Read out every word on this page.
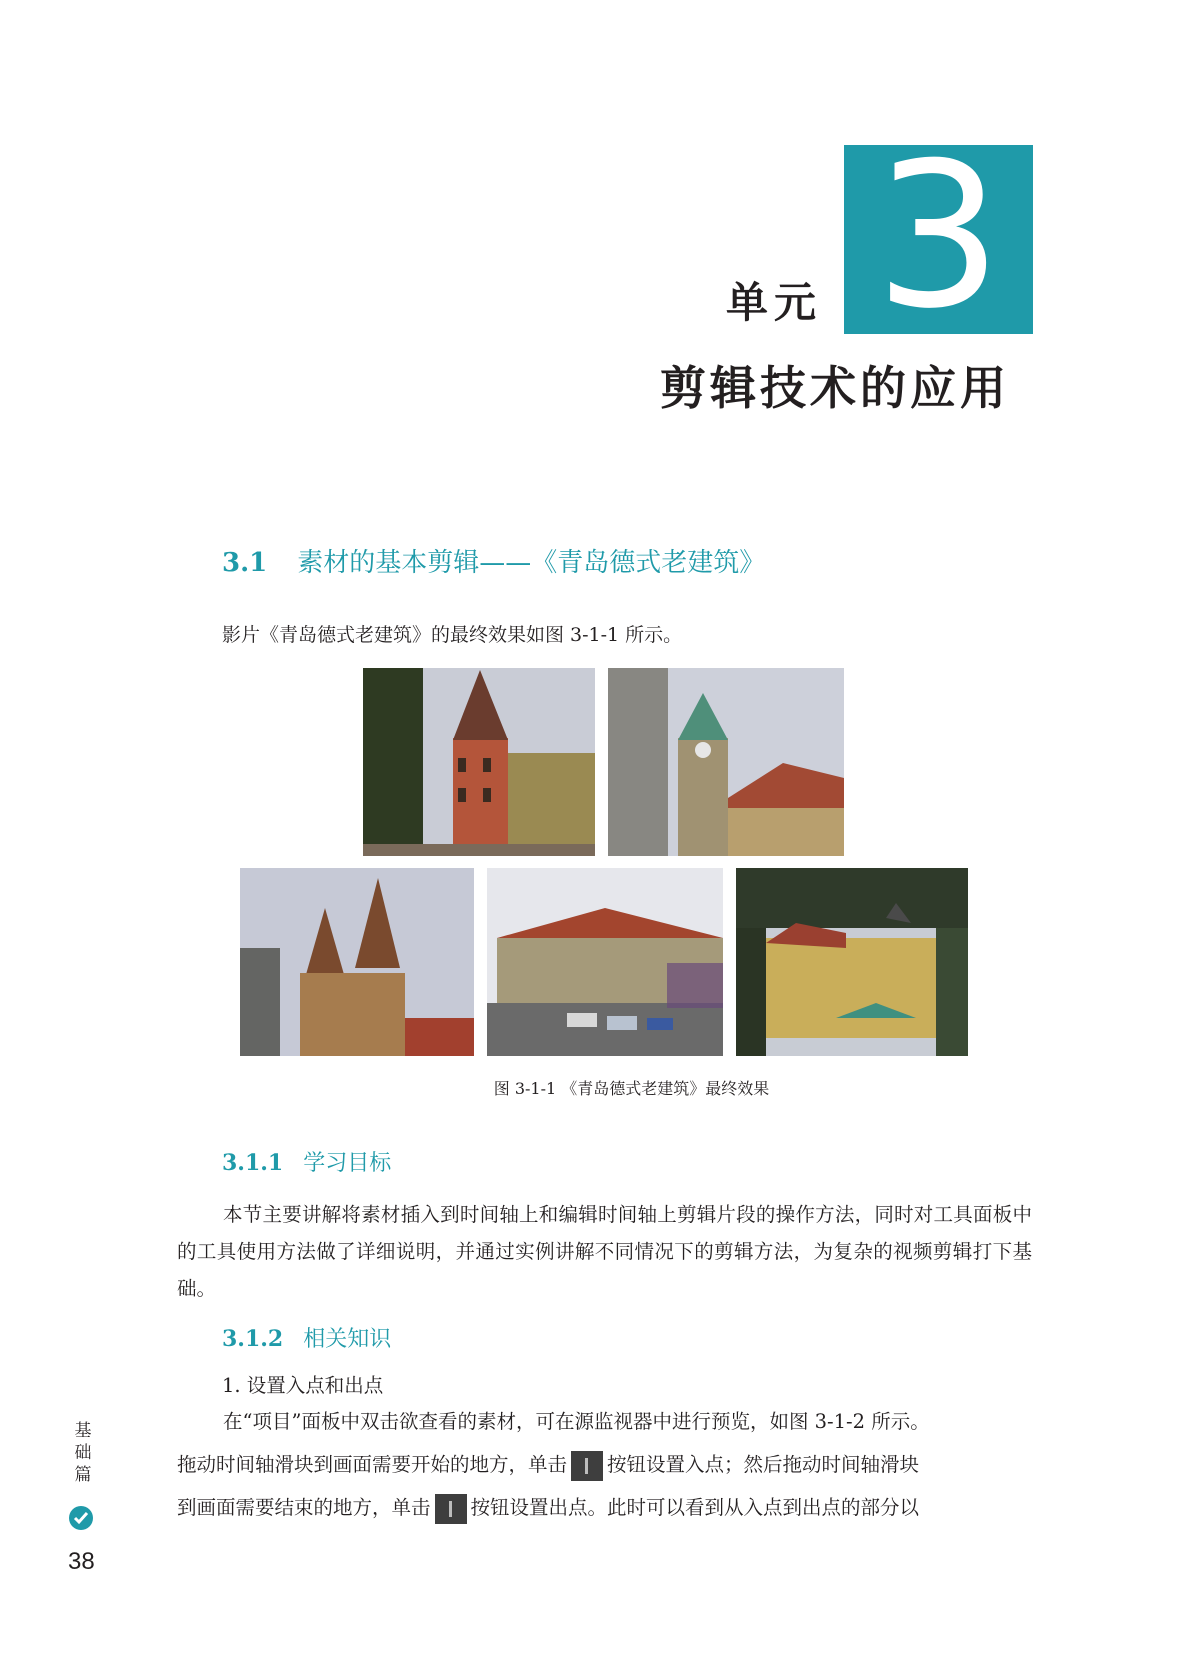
3
单元
剪辑技术的应用
3.1 素材的基本剪辑——《青岛德式老建筑》
影片《青岛德式老建筑》的最终效果如图 3-1-1 所示。
图 3-1-1 《青岛德式老建筑》最终效果
3.1.1 学习目标

本节主要讲解将素材插入到时间轴上和编辑时间轴上剪辑片段的操作方法，同时对工具面板中的工具使用方法做了详细说明，并通过实例讲解不同情况下的剪辑方法，为复杂的视频剪辑打下基础。

3.1.2 相关知识
1. 设置入点和出点

在“项目”面板中双击欲查看的素材，可在源监视器中进行预览，如图 3-1-2 所示。

拖动时间轴滑块到画面需要开始的地方，单击 按钮设置入点；然后拖动时间轴滑块

到画面需要结束的地方，单击 按钮设置出点。此时可以看到从入点到出点的部分以

基础篇
38
